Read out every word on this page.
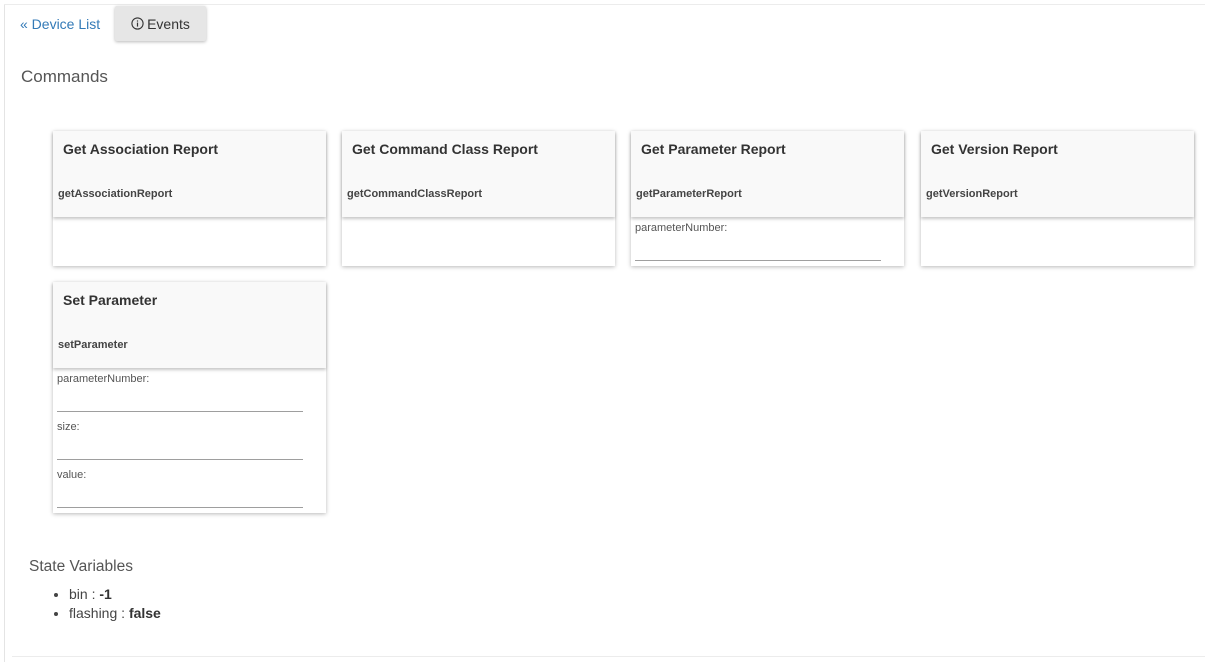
« Device List	Events
Commands
Get Association Report
getAssociationReport
Get Command Class Report
getCommandClassReport
Get Parameter Report
getParameterReport
parameterNumber:
Get Version Report
getVersionReport
Set Parameter
setParameter
parameterNumber:
size:
value:
State Variables
• bin : -1
• flashing : false
